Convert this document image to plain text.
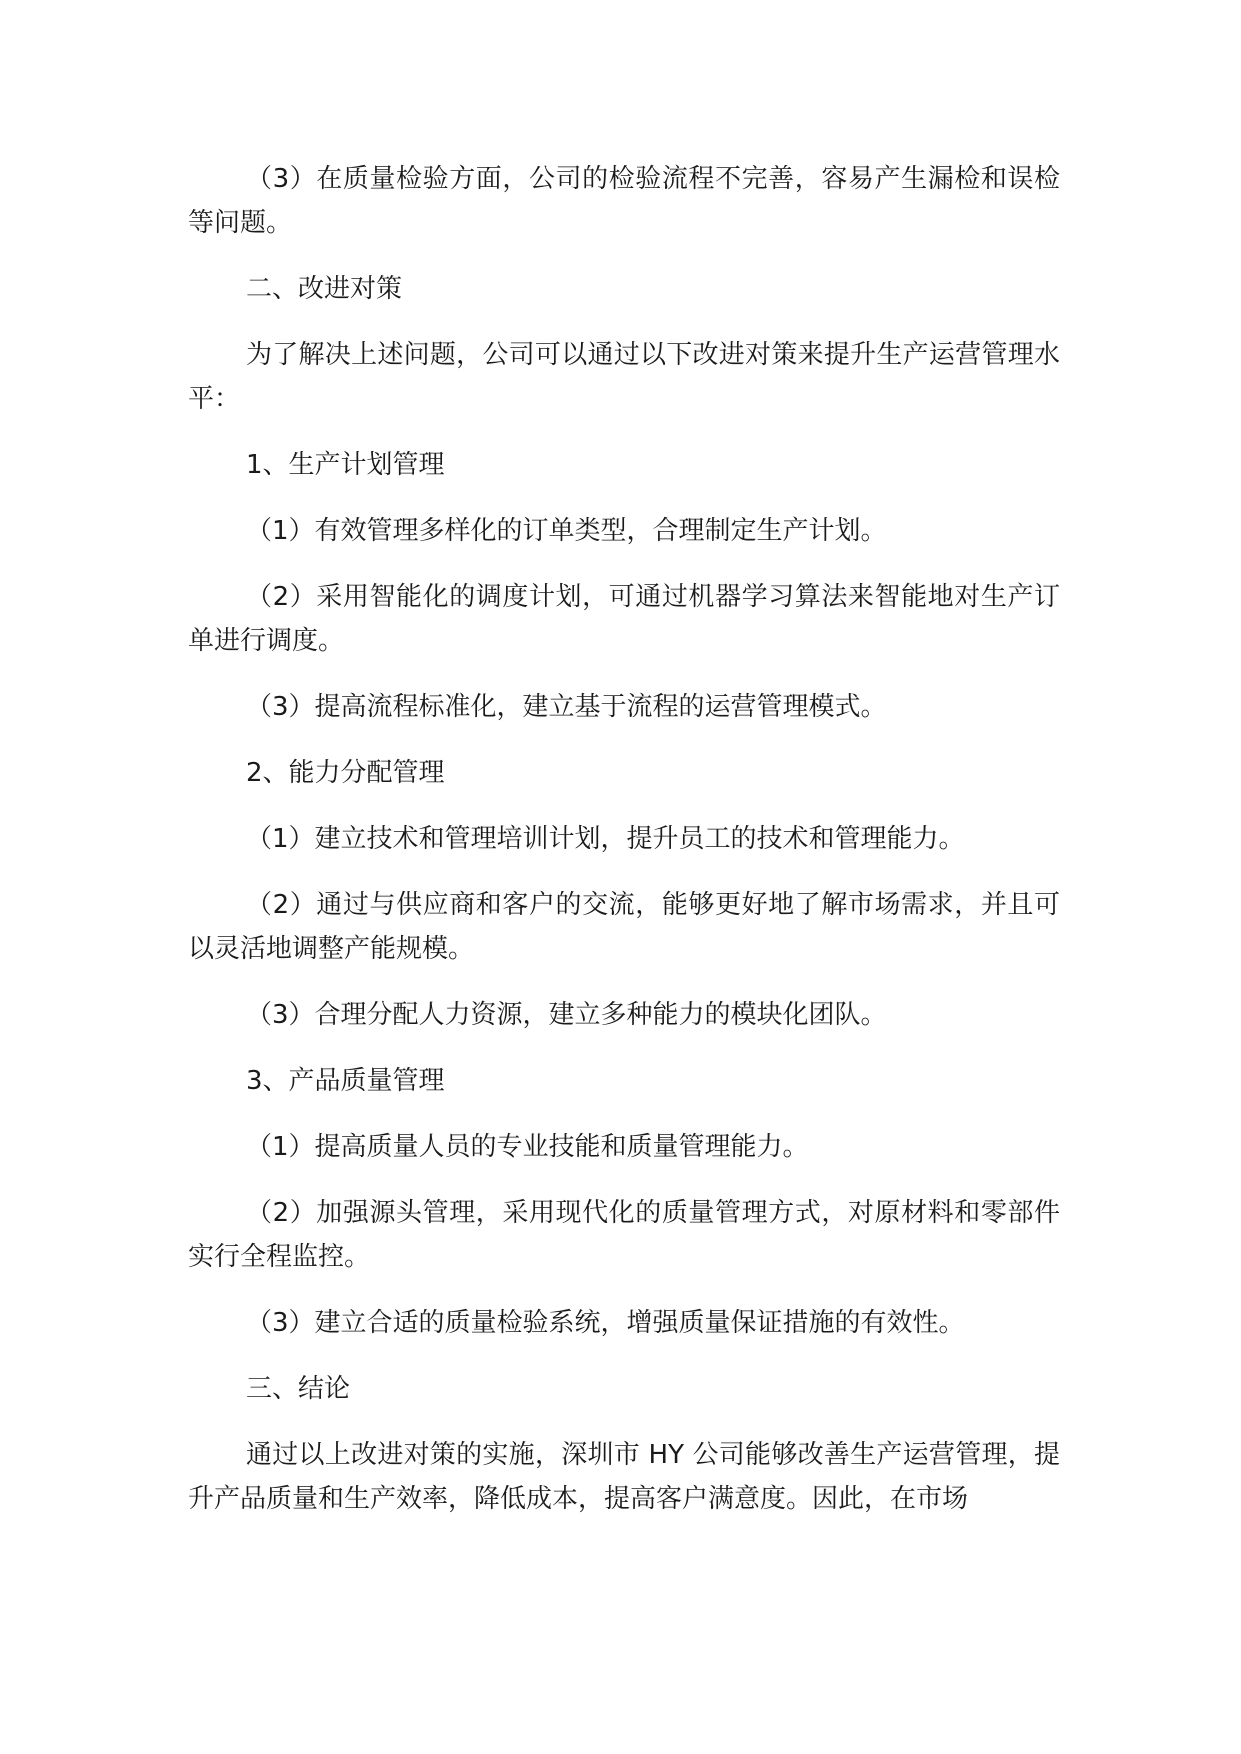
（3）在质量检验方面，公司的检验流程不完善，容易产生漏检和误检等问题。

二、改进对策

为了解决上述问题，公司可以通过以下改进对策来提升生产运营管理水平：

1、生产计划管理

（1）有效管理多样化的订单类型，合理制定生产计划。

（2）采用智能化的调度计划，可通过机器学习算法来智能地对生产订单进行调度。

（3）提高流程标准化，建立基于流程的运营管理模式。

2、能力分配管理

（1）建立技术和管理培训计划，提升员工的技术和管理能力。

（2）通过与供应商和客户的交流，能够更好地了解市场需求，并且可以灵活地调整产能规模。

（3）合理分配人力资源，建立多种能力的模块化团队。

3、产品质量管理

（1）提高质量人员的专业技能和质量管理能力。

（2）加强源头管理，采用现代化的质量管理方式，对原材料和零部件实行全程监控。

（3）建立合适的质量检验系统，增强质量保证措施的有效性。

三、结论

通过以上改进对策的实施，深圳市 HY 公司能够改善生产运营管理，提升产品质量和生产效率，降低成本，提高客户满意度。因此，在市场
